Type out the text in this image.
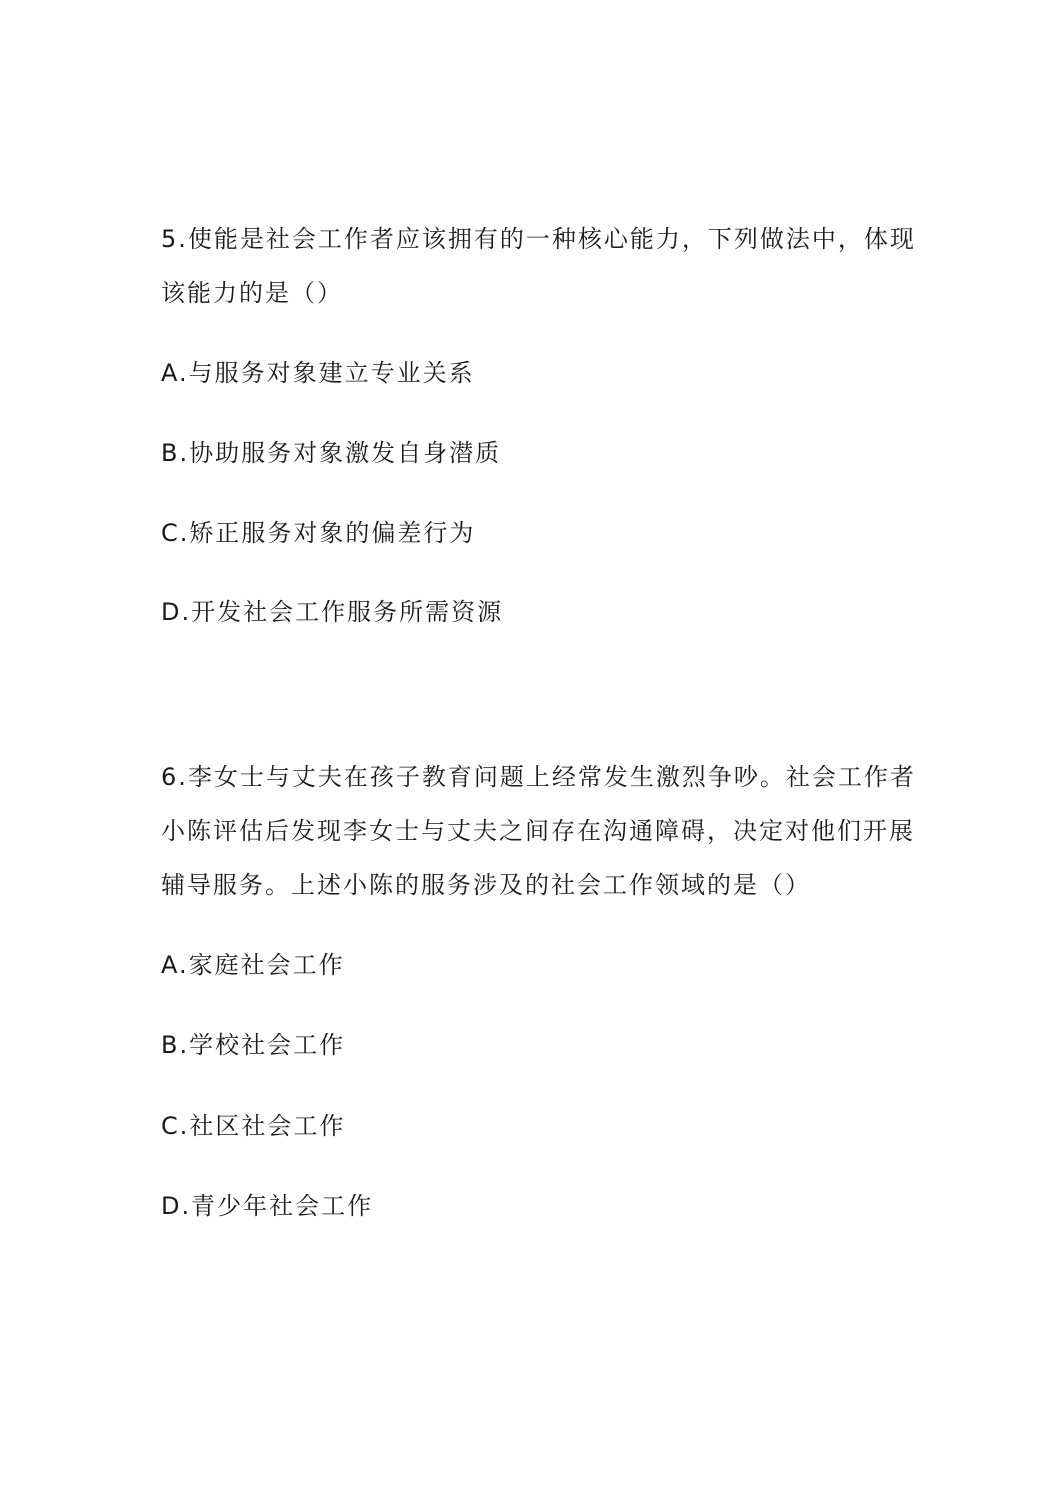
5.使能是社会工作者应该拥有的一种核心能力，下列做法中，体现
该能力的是（）
A.与服务对象建立专业关系
B.协助服务对象激发自身潜质
C.矫正服务对象的偏差行为
D.开发社会工作服务所需资源
6.李女士与丈夫在孩子教育问题上经常发生激烈争吵。社会工作者
小陈评估后发现李女士与丈夫之间存在沟通障碍，决定对他们开展
辅导服务。上述小陈的服务涉及的社会工作领域的是（）
A.家庭社会工作
B.学校社会工作
C.社区社会工作
D.青少年社会工作
